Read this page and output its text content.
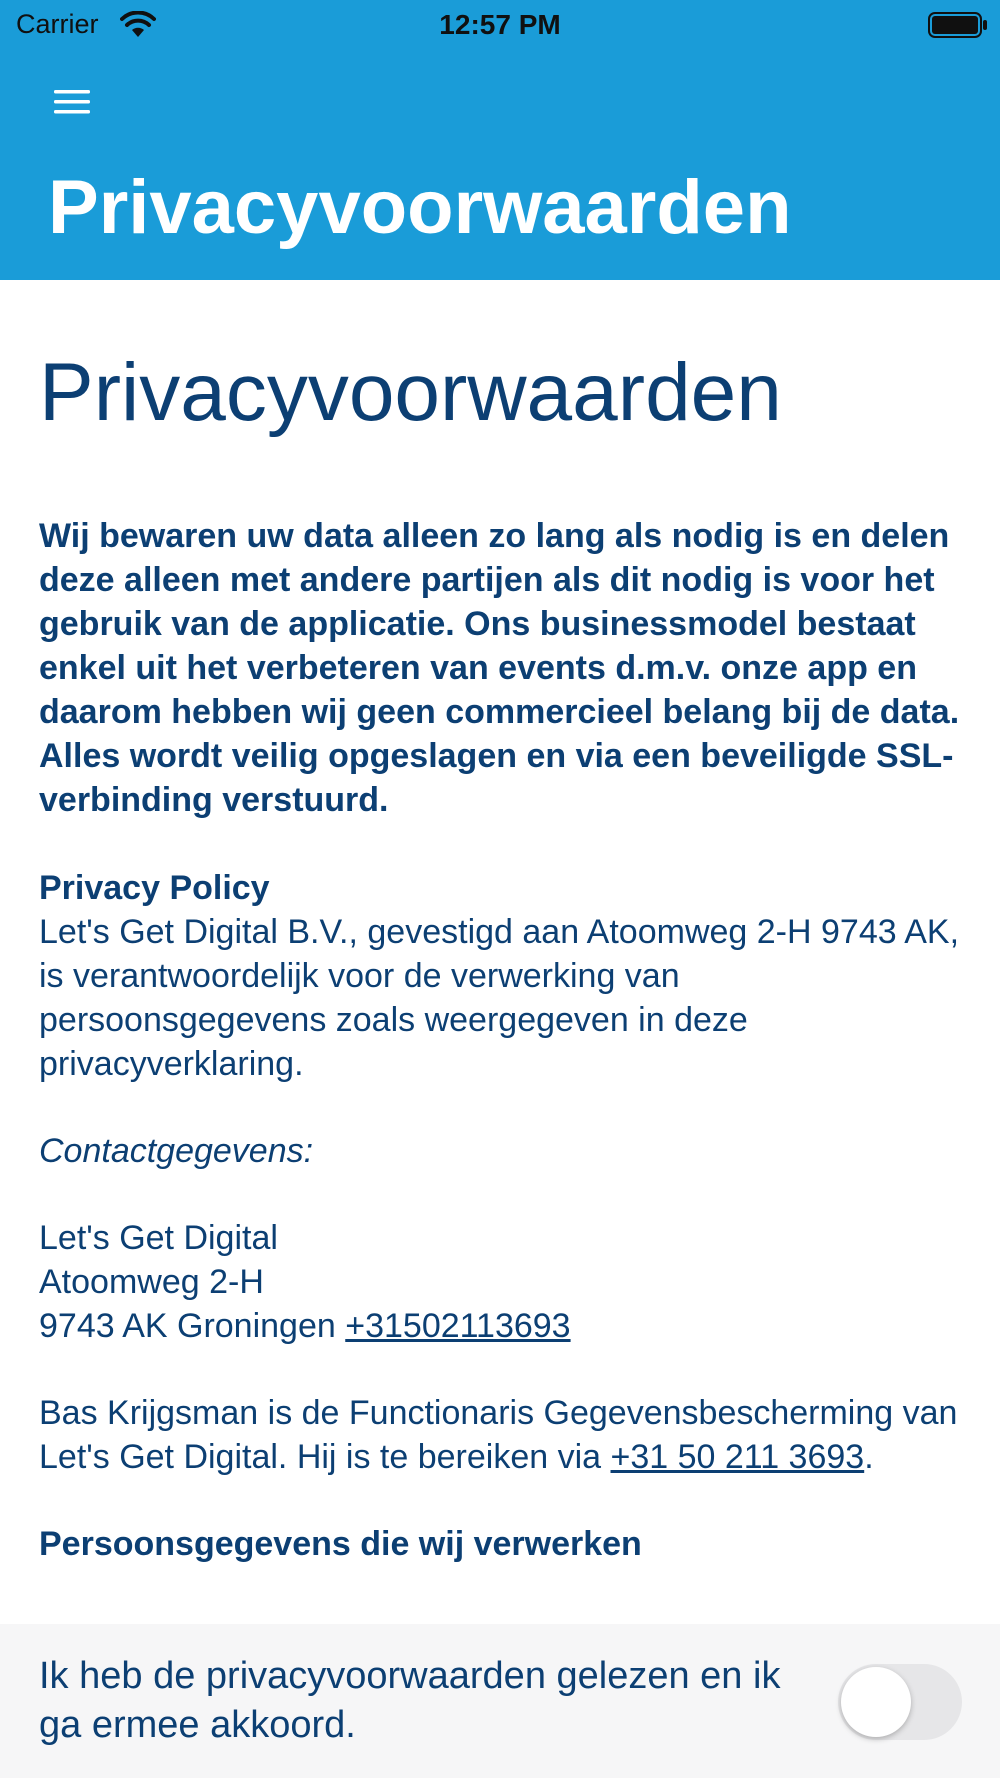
Carrier	12:57 PM
Privacyvoorwaarden
Privacyvoorwaarden

Wij bewaren uw data alleen zo lang als nodig is en delen deze alleen met andere partijen als dit nodig is voor het gebruik van de applicatie. Ons businessmodel bestaat enkel uit het verbeteren van events d.m.v. onze app en daarom hebben wij geen commercieel belang bij de data. Alles wordt veilig opgeslagen en via een beveiligde SSL-verbinding verstuurd.

Privacy Policy

Let's Get Digital B.V., gevestigd aan Atoomweg 2-H 9743 AK, is verantwoordelijk voor de verwerking van persoonsgegevens zoals weergegeven in deze privacyverklaring.

Contactgegevens:

Let's Get Digital
Atoomweg 2-H
9743 AK Groningen +31502113693

Bas Krijgsman is de Functionaris Gegevensbescherming van Let's Get Digital. Hij is te bereiken via +31 50 211 3693.

Persoonsgegevens die wij verwerken

Ik heb de privacyvoorwaarden gelezen en ik ga ermee akkoord.
